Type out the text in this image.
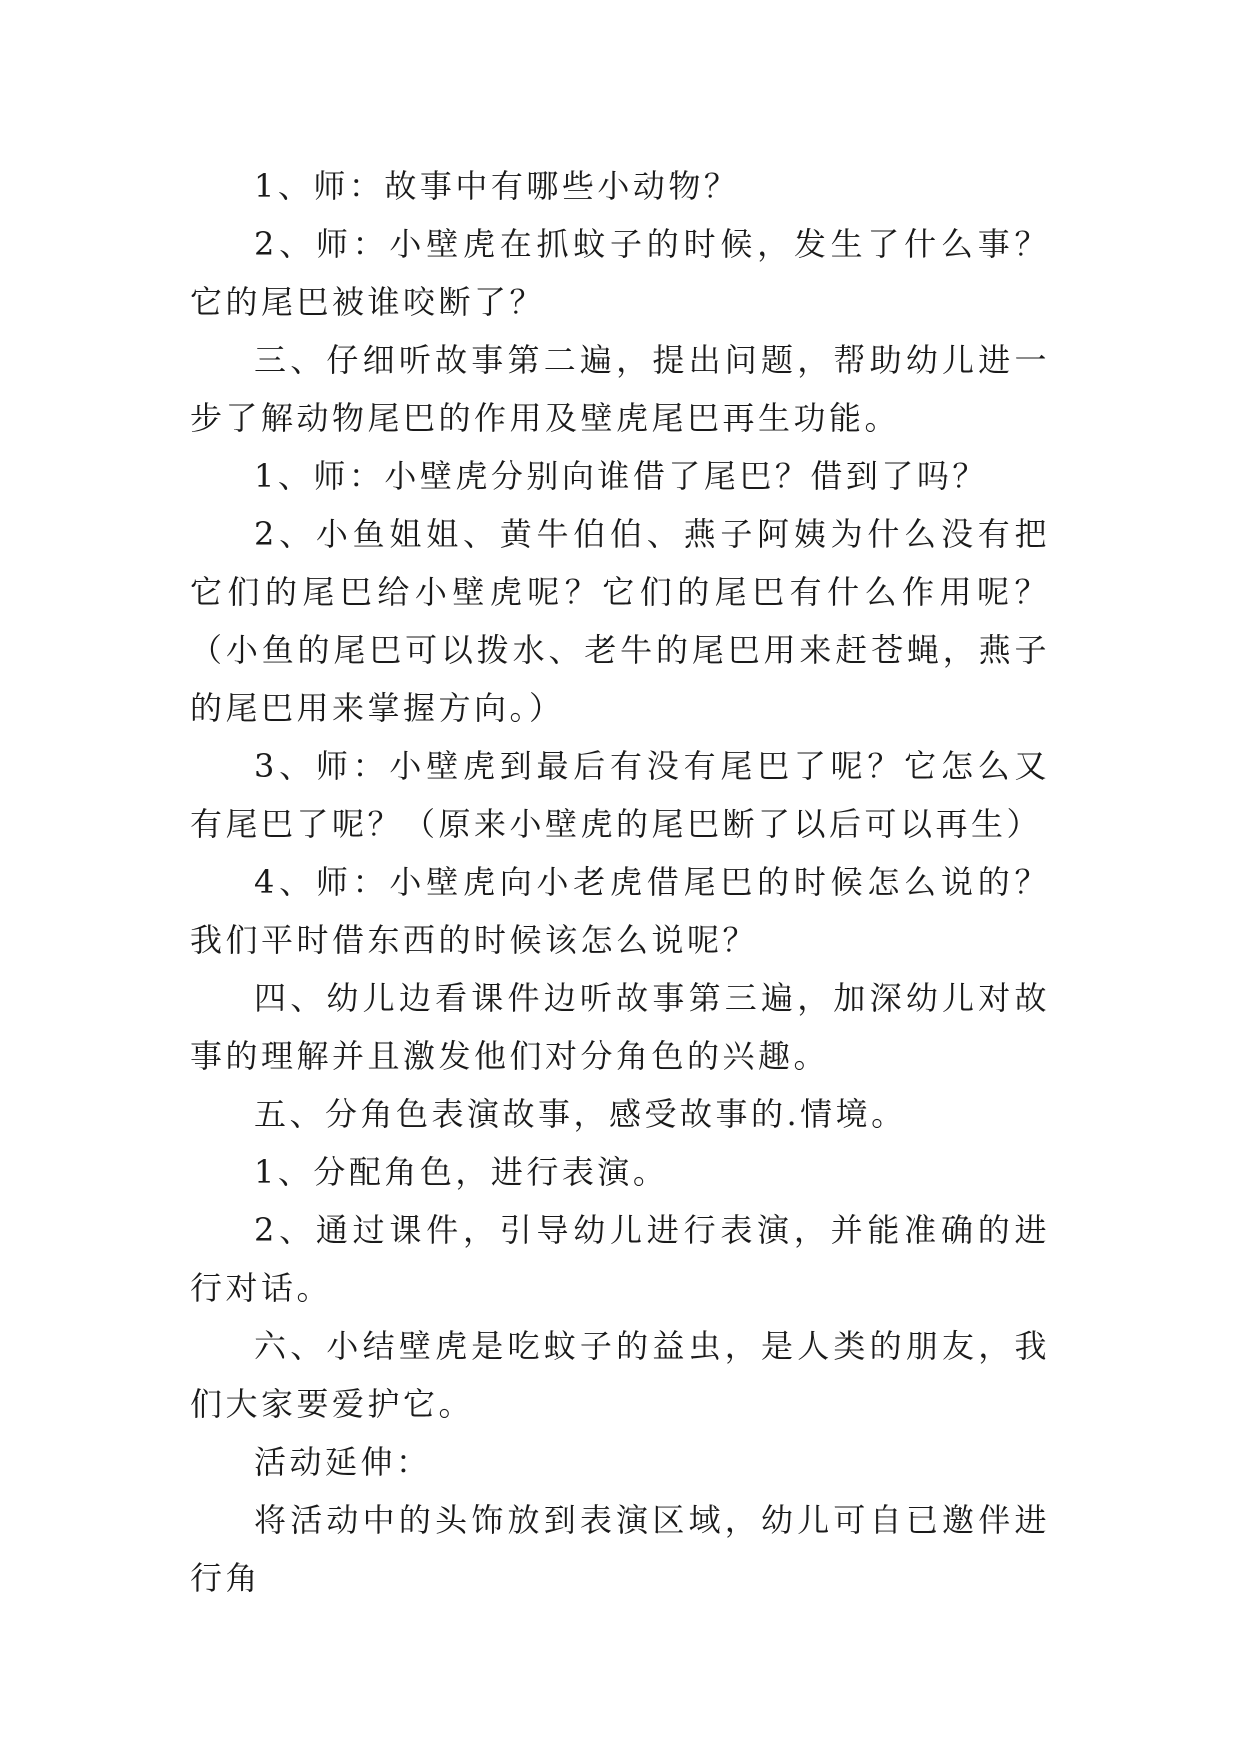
1、师：故事中有哪些小动物？

2、师：小壁虎在抓蚊子的时候，发生了什么事？它的尾巴被谁咬断了？

三、仔细听故事第二遍，提出问题，帮助幼儿进一步了解动物尾巴的作用及壁虎尾巴再生功能。

1、师：小壁虎分别向谁借了尾巴？借到了吗？

2、小鱼姐姐、黄牛伯伯、燕子阿姨为什么没有把它们的尾巴给小壁虎呢？它们的尾巴有什么作用呢？（小鱼的尾巴可以拨水、老牛的尾巴用来赶苍蝇，燕子的尾巴用来掌握方向。）

3、师：小壁虎到最后有没有尾巴了呢？它怎么又有尾巴了呢？（原来小壁虎的尾巴断了以后可以再生）

4、师：小壁虎向小老虎借尾巴的时候怎么说的？我们平时借东西的时候该怎么说呢？

四、幼儿边看课件边听故事第三遍，加深幼儿对故事的理解并且激发他们对分角色的兴趣。

五、分角色表演故事，感受故事的.情境。

1、分配角色，进行表演。

2、通过课件，引导幼儿进行表演，并能准确的进行对话。

六、小结壁虎是吃蚊子的益虫，是人类的朋友，我们大家要爱护它。

活动延伸：

将活动中的头饰放到表演区域，幼儿可自已邀伴进行角
